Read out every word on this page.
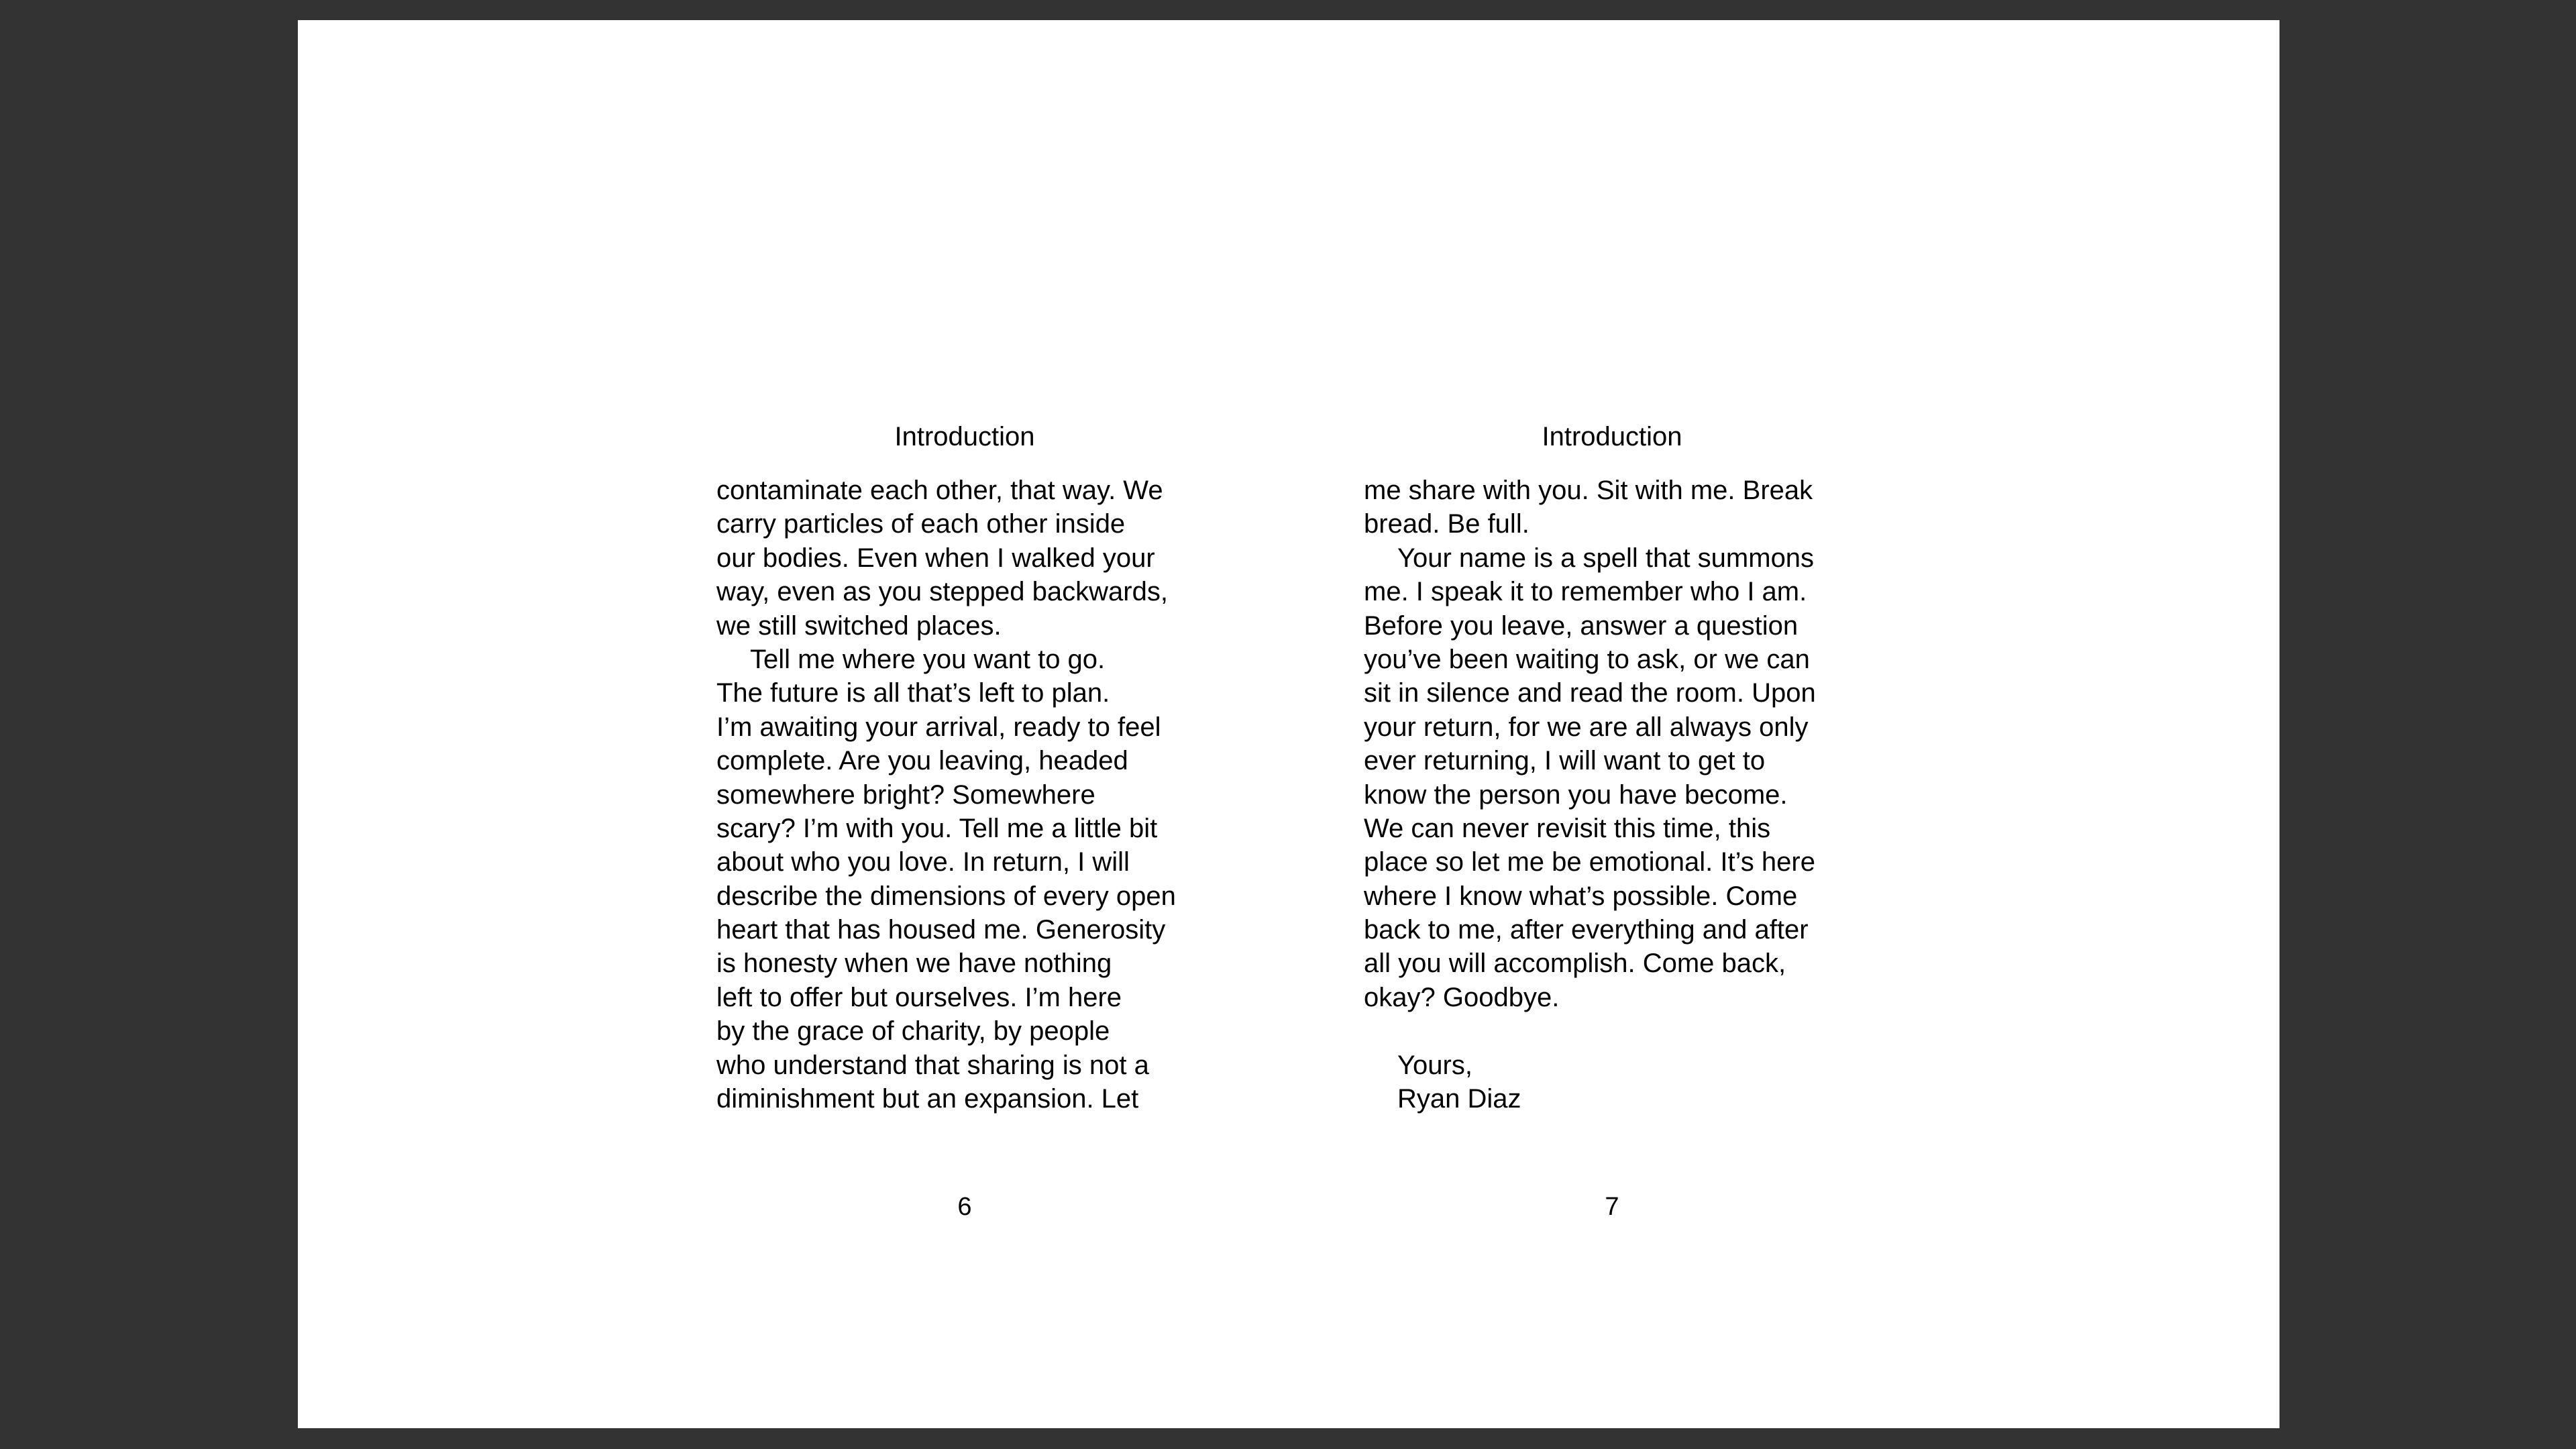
Introduction
contaminate each other, that way. We
carry particles of each other inside
our bodies. Even when I walked your
way, even as you stepped backwards,
we still switched places.
Tell me where you want to go.
The future is all that’s left to plan.
I’m awaiting your arrival, ready to feel
complete. Are you leaving, headed
somewhere bright? Somewhere
scary? I’m with you. Tell me a little bit
about who you love. In return, I will
describe the dimensions of every open
heart that has housed me. Generosity
is honesty when we have nothing
left to offer but ourselves. I’m here
by the grace of charity, by people
who understand that sharing is not a
diminishment but an expansion. Let
6
Introduction
me share with you. Sit with me. Break
bread. Be full.
Your name is a spell that summons
me. I speak it to remember who I am.
Before you leave, answer a question
you’ve been waiting to ask, or we can
sit in silence and read the room. Upon
your return, for we are all always only
ever returning, I will want to get to
know the person you have become.
We can never revisit this time, this
place so let me be emotional. It’s here
where I know what’s possible. Come
back to me, after everything and after
all you will accomplish. Come back,
okay? Goodbye.
Yours,
Ryan Diaz
7
